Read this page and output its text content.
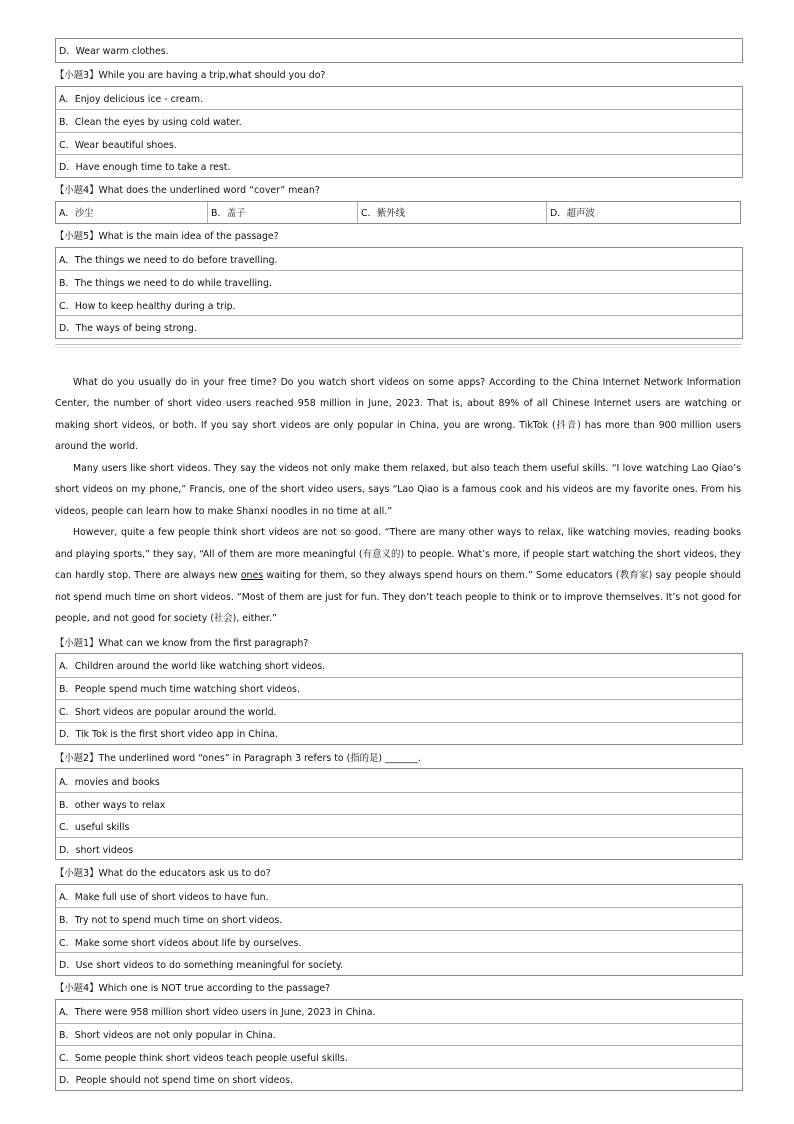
D．Wear warm clothes.
【小题3】While you are having a trip,what should you do?
A．Enjoy delicious ice - cream.
B．Clean the eyes by using cold water.
C．Wear beautiful shoes.
D．Have enough time to take a rest.
【小题4】What does the underlined word “cover” mean?
A．沙尘	B．盖子	C．紫外线	D．超声波
【小题5】What is the main idea of the passage?
A．The things we need to do before travelling.
B．The things we need to do while travelling.
C．How to keep healthy during a trip.
D．The ways of being strong.

What do you usually do in your free time? Do you watch short videos on some apps? According to the China Internet Network Information Center, the number of short video users reached 958 million in June, 2023. That is, about 89% of all Chinese Internet users are watching or making short videos, or both. If you say short videos are only popular in China, you are wrong. TikTok (抖音) has more than 900 million users around the world.

Many users like short videos. They say the videos not only make them relaxed, but also teach them useful skills. “I love watching Lao Qiao’s short videos on my phone,” Francis, one of the short video users, says “Lao Qiao is a famous cook and his videos are my favorite ones. From his videos, people can learn how to make Shanxi noodles in no time at all.”

However, quite a few people think short videos are not so good. “There are many other ways to relax, like watching movies, reading books and playing sports,” they say, “All of them are more meaningful (有意义的) to people. What’s more, if people start watching the short videos, they can hardly stop. There are always new ones waiting for them, so they always spend hours on them.” Some educators (教育家) say people should not spend much time on short videos. “Most of them are just for fun. They don’t teach people to think or to improve themselves. It’s not good for people, and not good for society (社会), either.”

【小题1】What can we know from the first paragraph?
A．Children around the world like watching short videos.
B．People spend much time watching short videos.
C．Short videos are popular around the world.
D．Tik Tok is the first short video app in China.
【小题2】The underlined word “ones” in Paragraph 3 refers to (指的是) _______.
A．movies and books
B．other ways to relax
C．useful skills
D．short videos
【小题3】What do the educators ask us to do?
A．Make full use of short videos to have fun.
B．Try not to spend much time on short videos.
C．Make some short videos about life by ourselves.
D．Use short videos to do something meaningful for society.
【小题4】Which one is NOT true according to the passage?
A．There were 958 million short video users in June, 2023 in China.
B．Short videos are not only popular in China.
C．Some people think short videos teach people useful skills.
D．People should not spend time on short videos.
